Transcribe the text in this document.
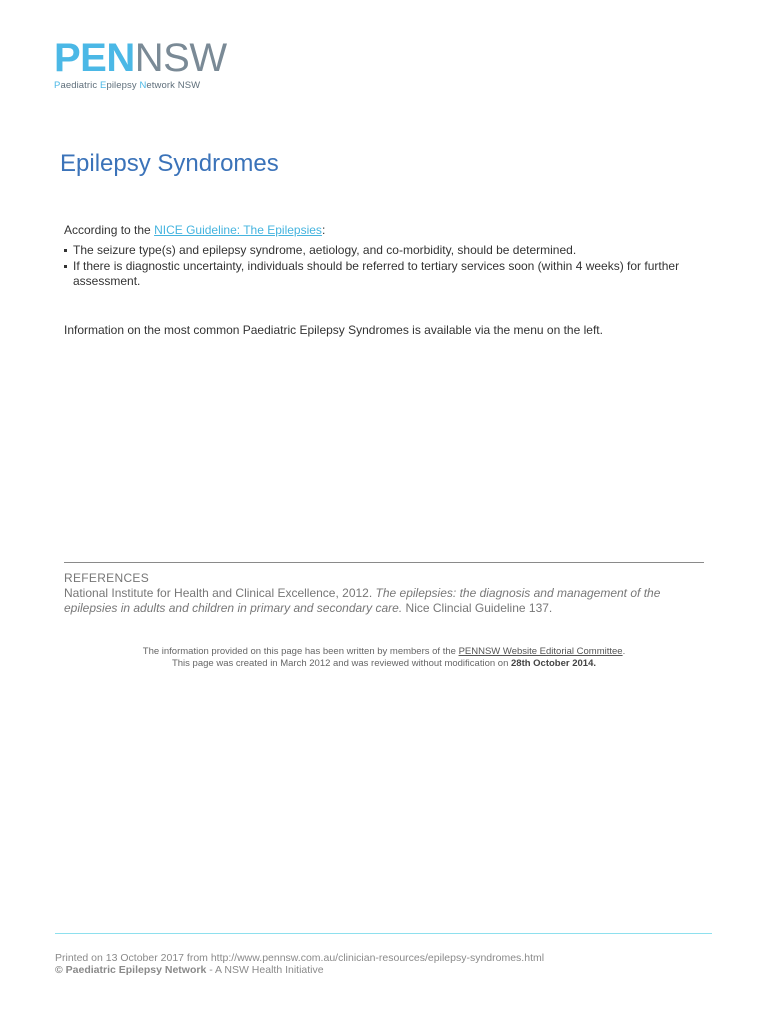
PEN NSW
Paediatric Epilepsy Network NSW
Epilepsy Syndromes
According to the NICE Guideline: The Epilepsies:
The seizure type(s) and epilepsy syndrome, aetiology, and co-morbidity, should be determined.
If there is diagnostic uncertainty, individuals should be referred to tertiary services soon (within 4 weeks) for further assessment.
Information on the most common Paediatric Epilepsy Syndromes is available via the menu on the left.
REFERENCES
National Institute for Health and Clinical Excellence, 2012. The epilepsies: the diagnosis and management of the epilepsies in adults and children in primary and secondary care. Nice Clincial Guideline 137.
The information provided on this page has been written by members of the PENNSW Website Editorial Committee.
This page was created in March 2012 and was reviewed without modification on 28th October 2014.
Printed on 13 October 2017 from http://www.pennsw.com.au/clinician-resources/epilepsy-syndromes.html
© Paediatric Epilepsy Network - A NSW Health Initiative
